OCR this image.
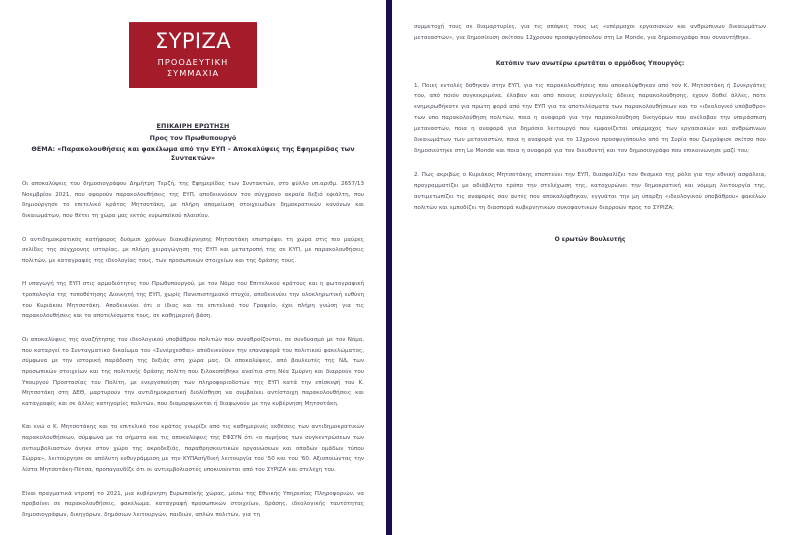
ΣΥΡΙΖΑ
ΠΡΟΟΔΕΥΤΙΚΗ
ΣΥΜΜΑΧΙΑ
ΕΠΙΚΑΙΡΗ ΕΡΩΤΗΣΗ
Προς τον Πρωθυπουργό
ΘΕΜΑ: «Παρακολουθήσεις και φακέλωμα από την ΕΥΠ – Αποκαλύψεις της Εφημερίδας των Συντακτών»

Οι αποκαλύψεις του δημοσιογράφου Δημήτρη Τερζή, της Εφημερίδας των Συντακτών, στο φύλλο υπ.αριθμ. 2657/13 Νοεμβρίου 2021, που αφορούν παρακολουθήσεις της ΕΥΠ, αποδεικνύουν τον σύγχρονο ακραία δεξιό εφιάλτη, που δημιούργησε το επιτελικό κράτος Μητσοτάκη, με πλήρη απομείωση στοιχειωδών δημοκρατικών κανόνων και δικαιωμάτων, που θέτει τη χώρα μας εκτός ευρωπαϊκού πλαισίου.

Ο αντιδημοκρατικός κατήφορος δυόμισι χρόνων διακυβέρνησης Μητσοτάκη επιστρέφει τη χώρα στις πιο μαύρες σελίδες της σύγχρονης ιστορίας, με πλήρη χειραγώγηση της ΕΥΠ και μετατροπή της σε ΚΥΠ, με παρακολουθήσεις πολιτών, με καταγραφές της ιδεολογίας τους, των προσωπικών στοιχείων και της δράσης τους.

Η υπαγωγή της ΕΥΠ στις αρμοδιότητες του Πρωθυπουργού, με τον Νόμο του Επιτελικού κράτους και η φωτογραφική τροπολογία της τοποθέτησης Διοικητή της ΕΥΠ, χωρίς Πανεπιστημιακό πτυχίο, αποδεικνύει την ολοκληρωτική ευθύνη του Κυριάκου Μητσοτάκη. Αποδεικνύει ότι ο ίδιος και το επιτελικό του Γραφείο, έχει πλήρη γνώση για τις παρακολουθήσεις και τα αποτελέσματα τους, σε καθημερινή βάση.

Οι αποκαλύψεις της αναζήτησης του ιδεολογικού υποβάθρου πολιτών που συναθροίζονται, σε συνδυασμό με τον Νόμο, που καταργεί το Συνταγματικό δικαίωμα του «Συνέρχεσθαι» αποδεικνύουν την επαναφορά του πολιτικού φακελώματος, σύμφωνα με την ιστορική παράδοση της δεξιάς στη χώρα μας. Οι αποκαλύψεις, από βουλευτές της ΝΔ, των προσωπικών στοιχείων και της πολιτικής δράσης πολίτη που ξιλοκοπήθηκε αναίτια στη Νέα Σμύρνη και διαρρούν του Υπουργού Προστασίας του Πολίτη, με ενεργοποίηση των πληροφοριοδοτών της ΕΥΠ κατά την επίσκεψή του Κ. Μητσοτάκη στη ΔΕΘ, μαρτυρούν την αντιδημοκρατική διολίσθηση να συμβαίνει αντίστοιχη παρακολουθήσεις και καταγραφές και σε άλλες κατηγορίες πολιτών, που διαμορφώνεται ή διαφωνούν με την κυβέρνηση Μητσοτάκη.

Και ενώ ο Κ. Μητσοτάκης και το επιτελικό του κράτος γνωρίζε από τις καθημερινές εκθέσεις των αντιδημοκρατικών παρακολουθήσεων, σύμφωνα με τα σήματα και τις αποκαλύψεις της ΕΦΣΥΝ ότι «ο πυρήνας των συγκεντρώσεων των αντιεμβολιαστών άνηκε στον χώρο της ακροδεξιάς, παραθρησκευτικών οργανώσεων και οπαδών ομάδων τύπου Σώρρα», λειτούργησε σε απόλυτη ευθυγράμμιση με την ΚΥΠΑσή/δική λειτουργία του '50 και του '60. Αξιοποιώντας την λίστα Μητσοτάκη-Πέτσα, προπαγανδίζε ότι οι αντιεμβολιαστές υποκινούνται από τον ΣΥΡΙΖΑ και στελέχη του.

Είναι πραγματικά ντροπή το 2021, μια κυβέρνηση Ευρωπαϊκής χώρας, μέσω της Εθνικής Υπηρεσίας Πληροφοριών, να προβαίνει σε παρακολουθήσεις, φακέλωμα, καταγραφή προσωπικών στοιχείων, δράσης, ιδεολογικής ταυτότητας δημοσιογράφων, δικηγόρων, δημόσιων λειτουργών, παιδιών, απλών πολιτών, για τη

συμμετοχή τους σε διαμαρτυρίες, για τις απόψεις τους ως «υπέρμαχοι εργασιακών και ανθρώπινων δικαιωμάτων μεταναστών», για δημοσίευση σκίτσου 12χρονου προσφυγόπουλου στη Le Monde, για δημοσιογράφο που συναντήθηκε.

Κατόπιν των ανωτέρω ερωτάται ο αρμόδιος Υπουργός:

1. Ποιες εντολές δόθηκαν στην ΕΥΠ, για τις παρακολουθήσεις που αποκαλύφθηκαν από τον Κ. Μητσοτάκη ή Συνεργάτες του, από ποιόν συγκεκριμένα, έλαβαν και από ποιους εισαγγελείς άδειες παρακολούθησης, έχουν δοθεί άλλες, πότε ενημερωθήκατε για πρώτη φορά από την ΕΥΠ για τα αποτελέσματα των παρακολουθήσεων και το «ιδεολογικό υπόβαθρο» των υπο παρακολούθηση πολιτών, ποια η αναφορά για την παρακολούθηση δικηγόρων που ανέλαβαν την υπεράσπιση μεταναστών, ποια η αναφορά για δημόσιο λειτουργό που εμφανίζεται υπέρμαχος των εργασιακών και ανθρώπινων δικαιωμάτων των μεταναστών, ποια η αναφορά για το 12χρονο προσφυγόπουλο από τη Συρία που ζωγράφισε σκίτσο που δημοσιεύτηκε στη Le Monde και ποια η αναφορά για τον διευθυντή και τον δημοσιογράφο που επικοινώνησε μαζί του;

2. Πως ακριβώς ο Κυριάκος Μητσοτάκης εποπτεύει την ΕΥΠ, διασφαλίζει τον θεσμικό της ρόλο για την εθνική ασφάλεια, προγραμματίζει με αδιάβλητο τρόπο την στελέχωση της, κατοχυρώνει την δημοκρατική και νόμιμη λειτουργία της, αντιμετωπίζει τις αναφορές σαν αυτές που αποκαλύφθηκαν, εγγυάται την μη ύπαρξη «ιδεολογικού υποβάθρου» φακέλων πολιτών και εμποδίζει τη διασπορά κυβερνητικών συκοφαντικών διαρροών προς το ΣΥΡΙΖΑ;

Ο ερωτών Βουλευτής
